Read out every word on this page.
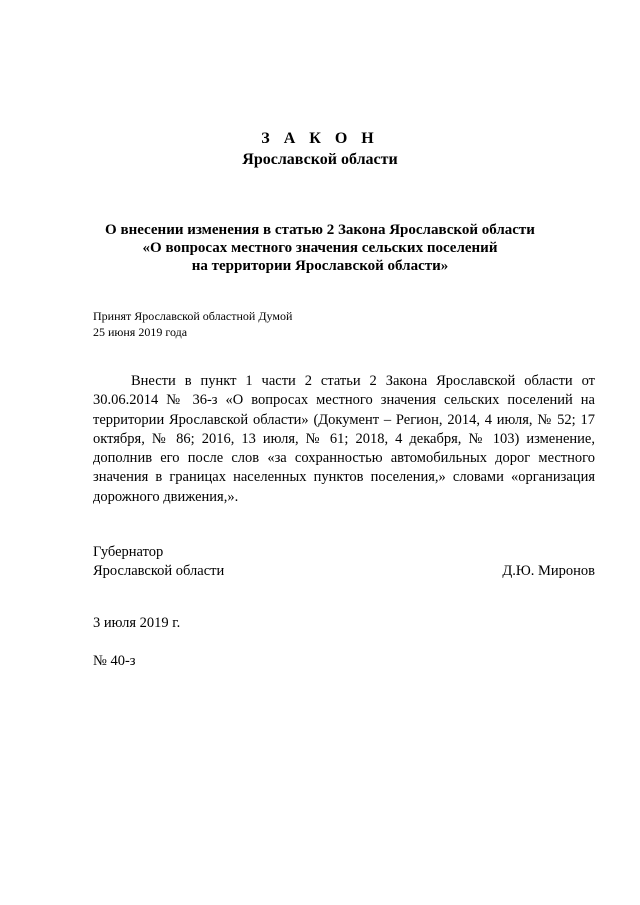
З А К О Н
Ярославской области
О внесении изменения в статью 2 Закона Ярославской области
«О вопросах местного значения сельских поселений
на территории Ярославской области»
Принят Ярославской областной Думой
25 июня 2019 года
Внести в пункт 1 части 2 статьи 2 Закона Ярославской области от 30.06.2014 № 36-з «О вопросах местного значения сельских поселений на территории Ярославской области» (Документ – Регион, 2014, 4 июля, № 52; 17 октября, № 86; 2016, 13 июля, № 61; 2018, 4 декабря, № 103) изменение, дополнив его после слов «за сохранностью автомобильных дорог местного значения в границах населенных пунктов поселения,» словами «организация дорожного движения,».
Губернатор
Ярославской области	Д.Ю. Миронов
3 июля 2019 г.
№ 40-з
